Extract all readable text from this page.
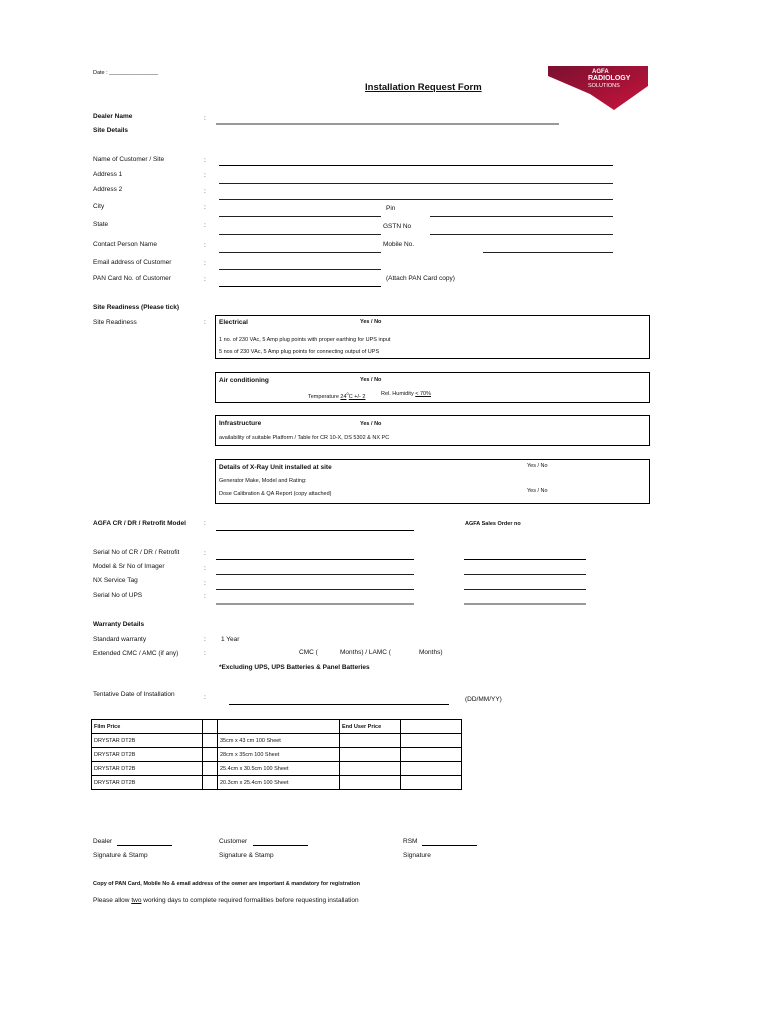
Date : ________________
Installation Request Form
AGFA
RADIOLOGY
SOLUTIONS
Dealer Name	:
Site Details
Name of Customer / Site	:
Address 1	:
Address 2	:
City	:	Pin
State	:	GSTN No
Contact Person Name	:	Mobile No.
Email address of Customer	:
PAN Card No. of Customer	:	(Attach PAN Card copy)
Site Readiness (Please tick)
Site Readiness	: Electrical	Yes / No
1 no. of 230 VAc, 5 Amp plug points with proper earthing for UPS input
5 nos of 230 VAc, 5 Amp plug points for connecting output of UPS
Air conditioning	Yes / No
Temperature $24^0C$ +/- 2	Rel. Humidity < 70%
Infrastructure	Yes / No
availability of suitable Platform / Table for CR 10-X, DS 5302 & NX PC
Details of X-Ray Unit installed at site	Yes / No
Generator Make, Model and Rating:
Dose Calibration & QA Report (copy attached)	Yes / No
AGFA CR / DR / Retrofit Model	:	AGFA Sales Order no
Serial No of CR / DR / Retrofit	:
Model & Sr No of Imager	:
NX Service Tag	:
Serial No of UPS	:
Warranty Details
Standard warranty	: 1 Year
Extended CMC / AMC (if any)	:	CMC (	Months) / LAMC (	Months)
*Excluding UPS, UPS Batteries & Panel Batteries
Tentative Date of Installation	:	(DD/MM/YY)
Film Price			End User Price	
DRYSTAR DT2B		35cm x 43 cm 100 Sheet		
DRYSTAR DT2B		28cm x 35cm 100 Sheet		
DRYSTAR DT2B		25.4cm x 30.5cm 100 Sheet		
DRYSTAR DT2B		20.3cm x 25.4cm 100 Sheet		
Dealer
Signature & Stamp
Customer
Signature & Stamp
RSM
Signature
Copy of PAN Card, Mobile No & email address of the owner are important & mandatory for registration
Please allow two working days to complete required formalities before requesting installation
